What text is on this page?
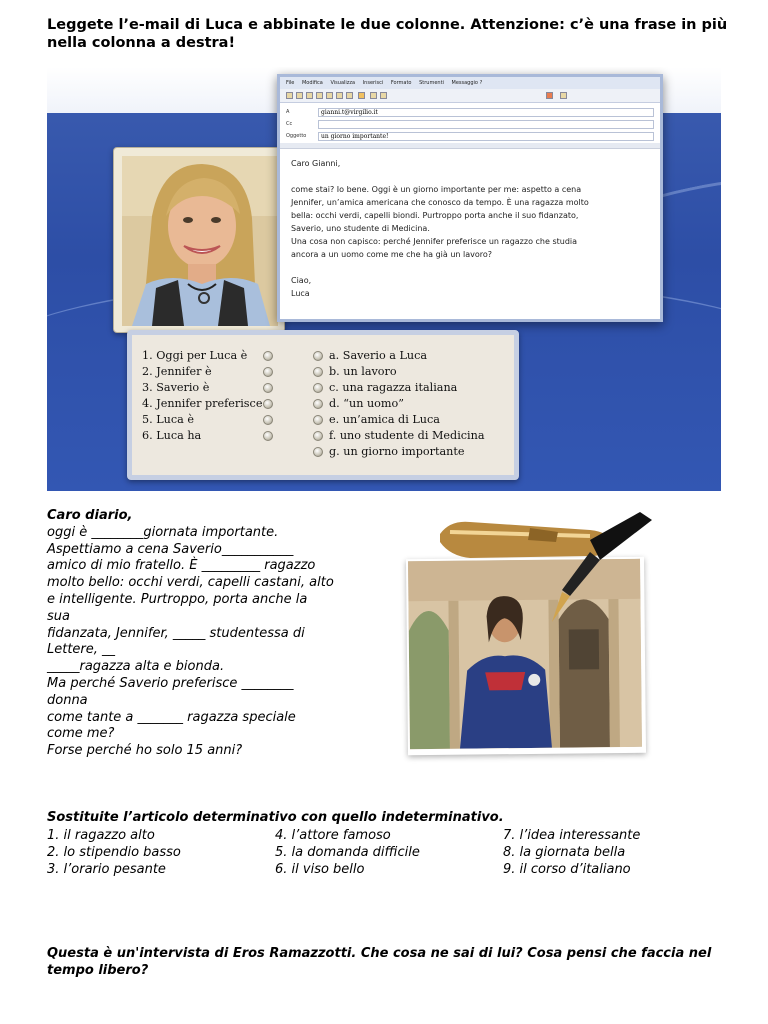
Leggete l’e-mail di Luca e abbinate le due colonne. Attenzione: c’è una frase in più nella colonna a destra!
File Modifica Visualizza Inserisci Formato Strumenti Messaggio ?
A	gianni.t@virgilio.it
Cc
Oggetto	un giorno importante!

Caro Gianni,

come stai? Io bene. Oggi è un giorno importante per me: aspetto a cena

Jennifer, un’amica americana che conosco da tempo. È una ragazza molto

bella: occhi verdi, capelli biondi. Purtroppo porta anche il suo fidanzato,

Saverio, uno studente di Medicina.

Una cosa non capisco: perché Jennifer preferisce un ragazzo che studia

ancora a un uomo come me che ha già un lavoro?

Ciao,

Luca

1. Oggi per Luca è
2. Jennifer è
3. Saverio è
4. Jennifer preferisce
5. Luca è
6. Luca ha
a. Saverio a Luca
b. un lavoro
c. una ragazza italiana
d. “un uomo”
e. un’amica di Luca
f. uno studente di Medicina
g. un giorno importante
Caro diario,
oggi è ________giornata importante.
Aspettiamo a cena Saverio___________
amico di mio fratello. È _________ ragazzo
molto bello: occhi verdi, capelli castani, alto
e intelligente. Purtroppo, porta anche la
sua
fidanzata, Jennifer, _____ studentessa di
Lettere, __
_____ragazza alta e bionda.
Ma perché Saverio preferisce ________
donna
come tante a _______ ragazza speciale
come me?
Forse perché ho solo 15 anni?
Sostituite l’articolo determinativo con quello indeterminativo.
1. il ragazzo alto
2. lo stipendio basso
3. l’orario pesante
4. l’attore famoso
5. la domanda difficile
6. il viso bello
7. l’idea interessante
8. la giornata bella
9. il corso d’italiano
Questa è un'intervista di Eros Ramazzotti. Che cosa ne sai di lui? Cosa pensi che faccia nel tempo libero?
